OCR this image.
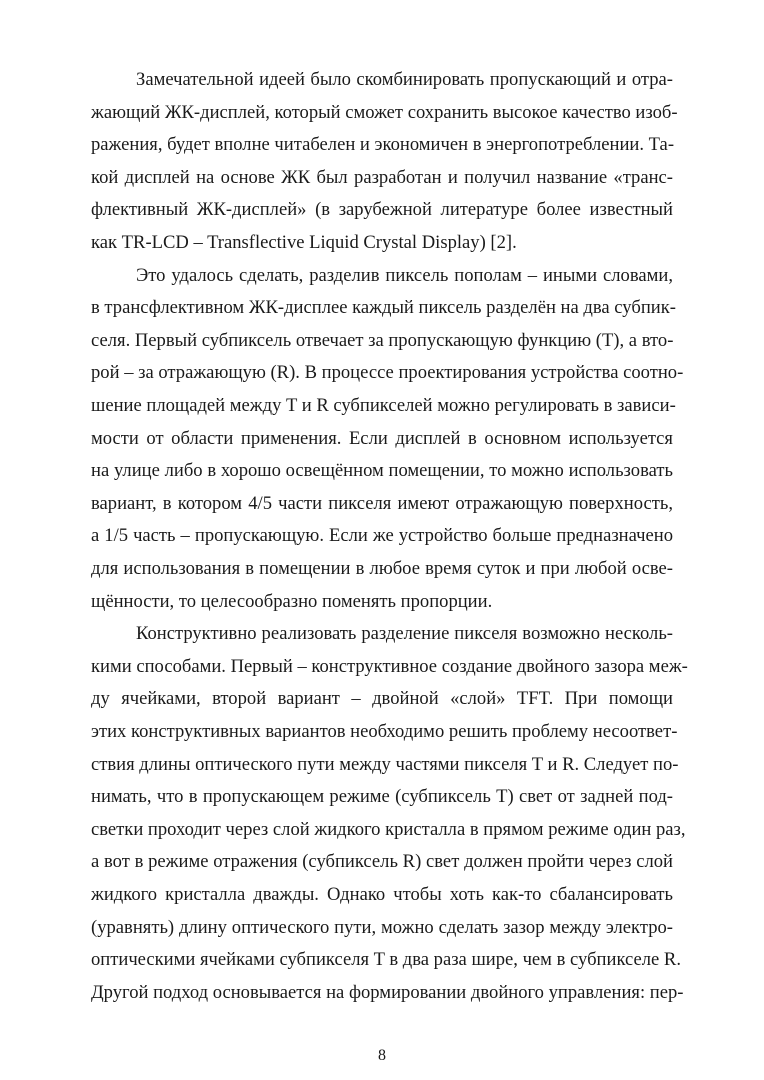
Замечательной идеей было скомбинировать пропускающий и отра-
жающий ЖК-дисплей, который сможет сохранить высокое качество изоб-
ражения, будет вполне читабелен и экономичен в энергопотреблении. Та-
кой дисплей на основе ЖК был разработан и получил название «транс-
флективный ЖК-дисплей» (в зарубежной литературе более известный
как TR-LCD – Transflective Liquid Crystal Display) [2].
Это удалось сделать, разделив пиксель пополам – иными словами,
в трансфлективном ЖК-дисплее каждый пиксель разделён на два субпик-
селя. Первый субпиксель отвечает за пропускающую функцию (T), а вто-
рой – за отражающую (R). В процессе проектирования устройства соотно-
шение площадей между T и R субпикселей можно регулировать в зависи-
мости от области применения. Если дисплей в основном используется
на улице либо в хорошо освещённом помещении, то можно использовать
вариант, в котором 4/5 части пикселя имеют отражающую поверхность,
а 1/5 часть – пропускающую. Если же устройство больше предназначено
для использования в помещении в любое время суток и при любой осве-
щённости, то целесообразно поменять пропорции.
Конструктивно реализовать разделение пикселя возможно несколь-
кими способами. Первый – конструктивное создание двойного зазора меж-
ду ячейками, второй вариант – двойной «слой» TFT. При помощи
этих конструктивных вариантов необходимо решить проблему несоответ-
ствия длины оптического пути между частями пикселя T и R. Следует по-
нимать, что в пропускающем режиме (субпиксель T) свет от задней под-
светки проходит через слой жидкого кристалла в прямом режиме один раз,
а вот в режиме отражения (субпиксель R) свет должен пройти через слой
жидкого кристалла дважды. Однако чтобы хоть как-то сбалансировать
(уравнять) длину оптического пути, можно сделать зазор между электро-
оптическими ячейками субпикселя T в два раза шире, чем в субпикселе R.
8
Другой подход основывается на формировании двойного управления: пер-
